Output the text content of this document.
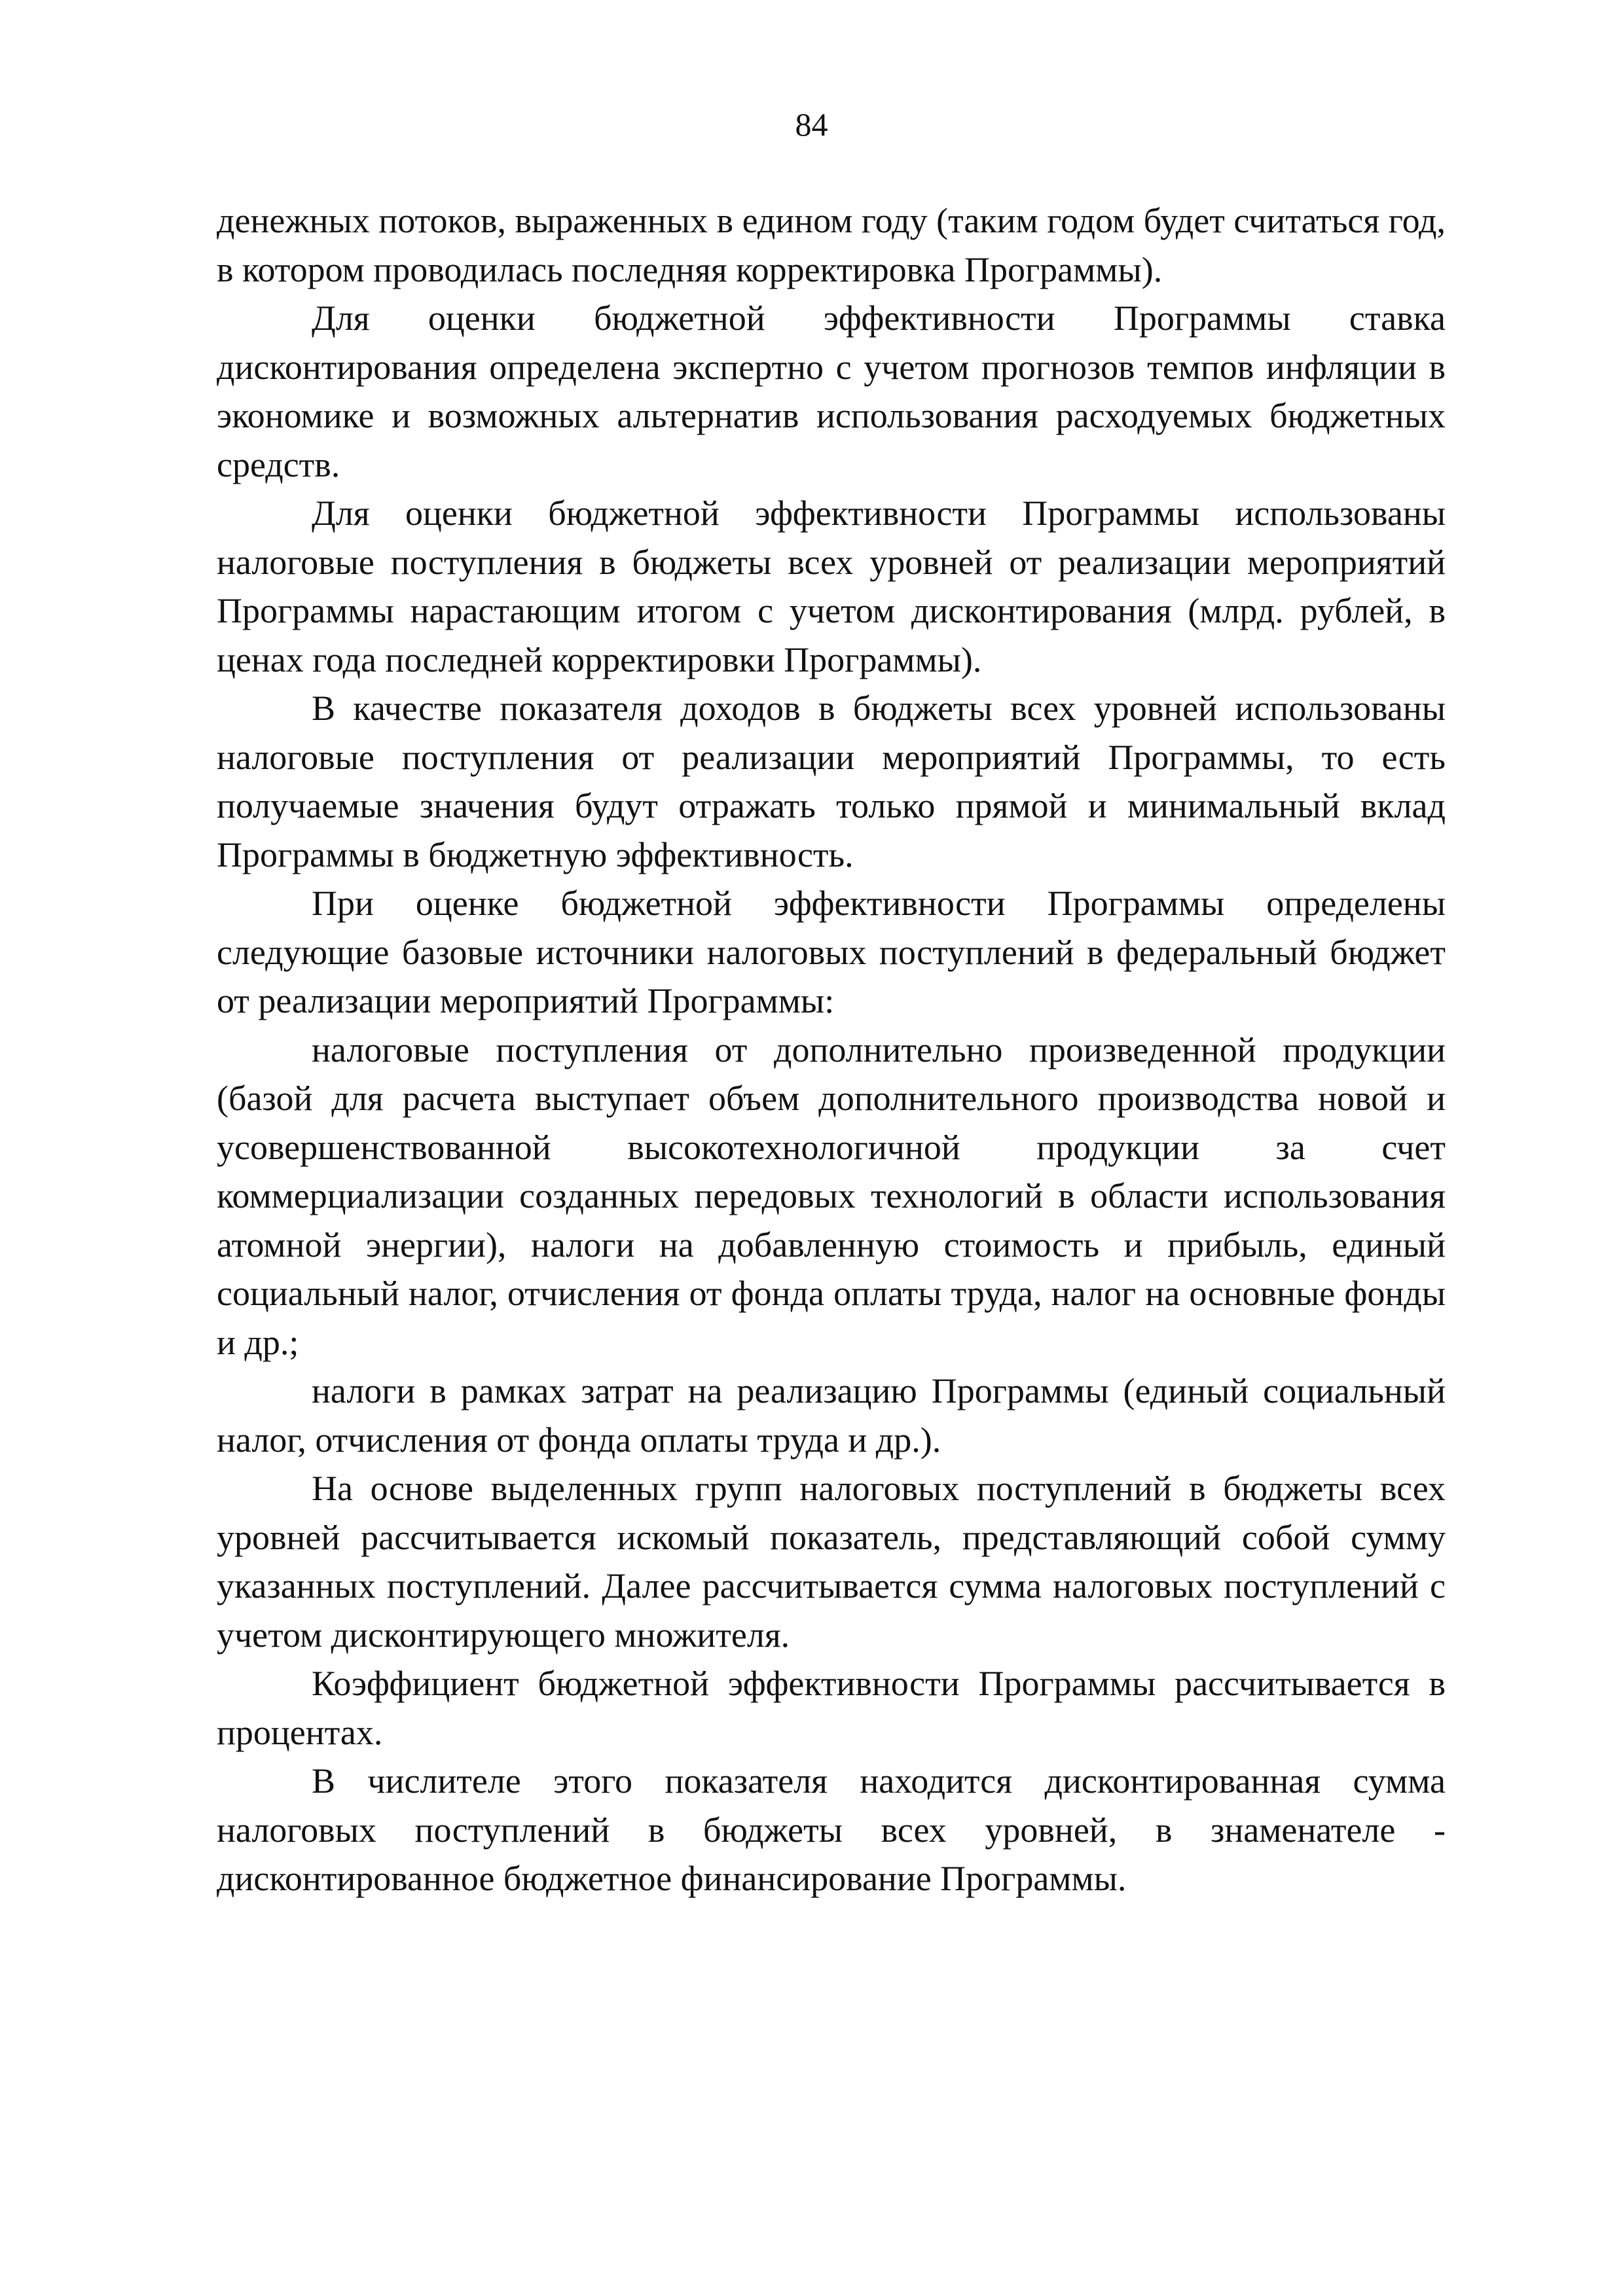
84

денежных потоков, выраженных в едином году (таким годом будет считаться год, в котором проводилась последняя корректировка Программы).

Для оценки бюджетной эффективности Программы ставка дисконтирования определена экспертно с учетом прогнозов темпов инфляции в экономике и возможных альтернатив использования расходуемых бюджетных средств.

Для оценки бюджетной эффективности Программы использованы налоговые поступления в бюджеты всех уровней от реализации мероприятий Программы нарастающим итогом с учетом дисконтирования (млрд. рублей, в ценах года последней корректировки Программы).

В качестве показателя доходов в бюджеты всех уровней использованы налоговые поступления от реализации мероприятий Программы, то есть получаемые значения будут отражать только прямой и минимальный вклад Программы в бюджетную эффективность.

При оценке бюджетной эффективности Программы определены следующие базовые источники налоговых поступлений в федеральный бюджет от реализации мероприятий Программы:

налоговые поступления от дополнительно произведенной продукции (базой для расчета выступает объем дополнительного производства новой и усовершенствованной высокотехнологичной продукции за счет коммерциализации созданных передовых технологий в области использования атомной энергии), налоги на добавленную стоимость и прибыль, единый социальный налог, отчисления от фонда оплаты труда, налог на основные фонды и др.;

налоги в рамках затрат на реализацию Программы (единый социальный налог, отчисления от фонда оплаты труда и др.).

На основе выделенных групп налоговых поступлений в бюджеты всех уровней рассчитывается искомый показатель, представляющий собой сумму указанных поступлений. Далее рассчитывается сумма налоговых поступлений с учетом дисконтирующего множителя.

Коэффициент бюджетной эффективности Программы рассчитывается в процентах.

В числителе этого показателя находится дисконтированная сумма налоговых поступлений в бюджеты всех уровней, в знаменателе - дисконтированное бюджетное финансирование Программы.
